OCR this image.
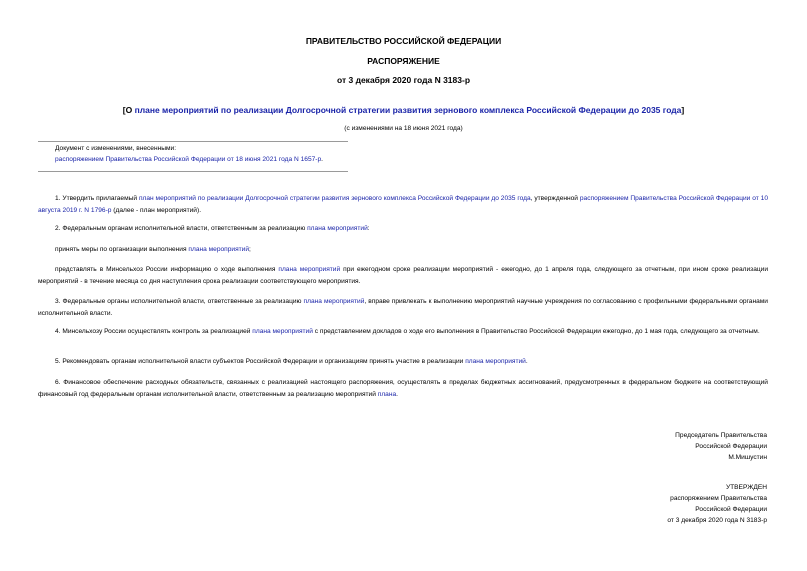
ПРАВИТЕЛЬСТВО РОССИЙСКОЙ ФЕДЕРАЦИИ
РАСПОРЯЖЕНИЕ
от 3 декабря 2020 года N 3183-р
[О плане мероприятий по реализации Долгосрочной стратегии развития зернового комплекса Российской Федерации до 2035 года]
(с изменениями на 18 июня 2021 года)
Документ с изменениями, внесенными:
распоряжением Правительства Российской Федерации от 18 июня 2021 года N 1657-р.
1. Утвердить прилагаемый план мероприятий по реализации Долгосрочной стратегии развития зернового комплекса Российской Федерации до 2035 года, утвержденной распоряжением Правительства Российской Федерации от 10 августа 2019 г. N 1796-р (далее - план мероприятий).
2. Федеральным органам исполнительной власти, ответственным за реализацию плана мероприятий:
принять меры по организации выполнения плана мероприятий;
представлять в Минсельхоз России информацию о ходе выполнения плана мероприятий при ежегодном сроке реализации мероприятий - ежегодно, до 1 апреля года, следующего за отчетным, при ином сроке реализации мероприятий - в течение месяца со дня наступления срока реализации соответствующего мероприятия.
3. Федеральные органы исполнительной власти, ответственные за реализацию плана мероприятий, вправе привлекать к выполнению мероприятий научные учреждения по согласованию с профильными федеральными органами исполнительной власти.
4. Минсельхозу России осуществлять контроль за реализацией плана мероприятий с представлением докладов о ходе его выполнения в Правительство Российской Федерации ежегодно, до 1 мая года, следующего за отчетным.
5. Рекомендовать органам исполнительной власти субъектов Российской Федерации и организациям принять участие в реализации плана мероприятий.
6. Финансовое обеспечение расходных обязательств, связанных с реализацией настоящего распоряжения, осуществлять в пределах бюджетных ассигнований, предусмотренных в федеральном бюджете на соответствующий финансовый год федеральным органам исполнительной власти, ответственным за реализацию мероприятий плана.
Председатель Правительства
Российской Федерации
М.Мишустин
УТВЕРЖДЕН
распоряжением Правительства
Российской Федерации
от 3 декабря 2020 года N 3183-р
